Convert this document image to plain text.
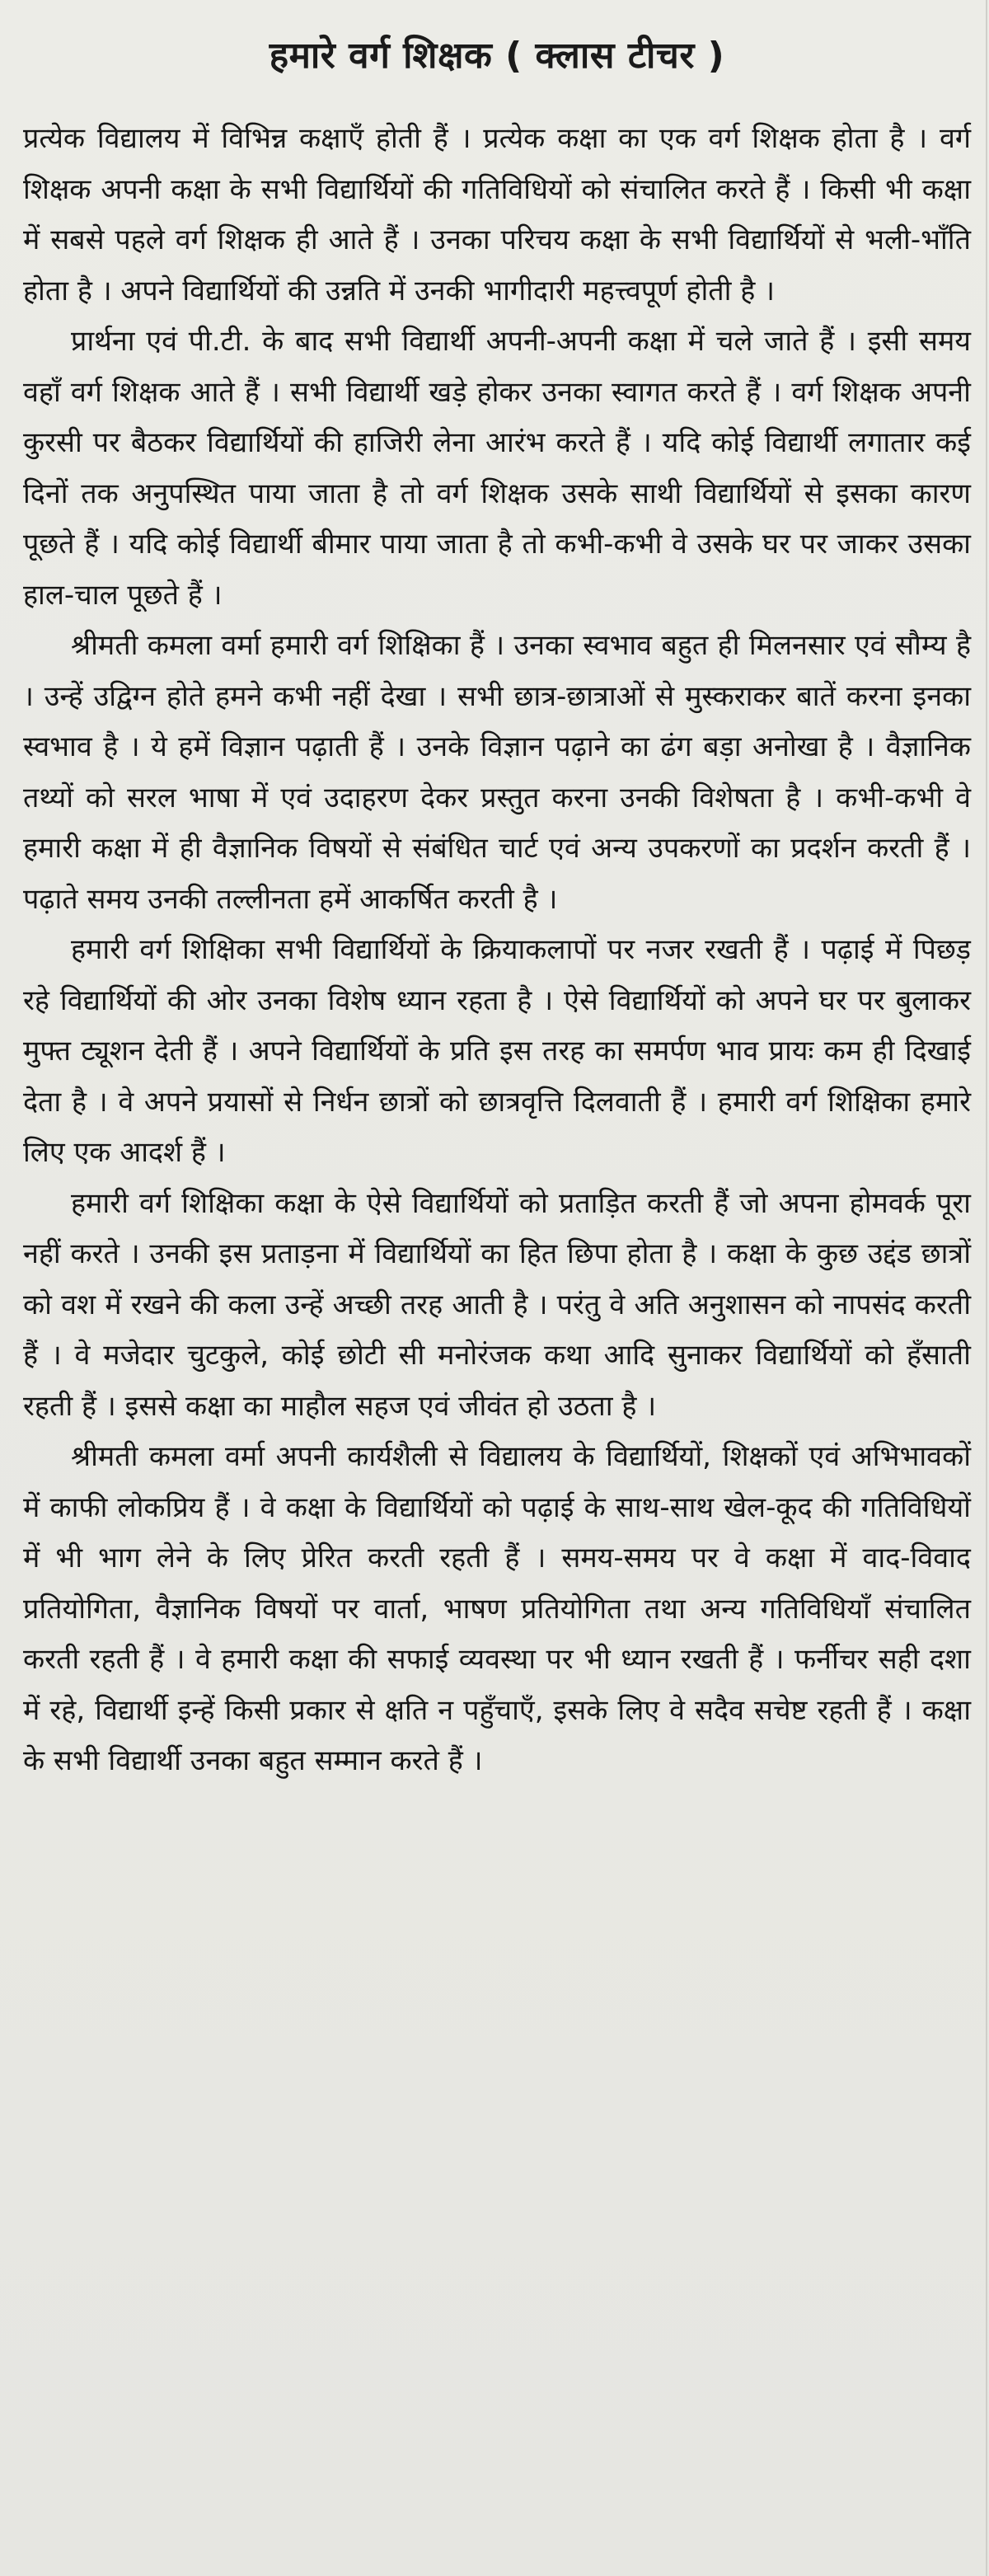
हमारे वर्ग शिक्षक ( क्लास टीचर )

प्रत्येक विद्यालय में विभिन्न कक्षाएँ होती हैं । प्रत्येक कक्षा का एक वर्ग शिक्षक होता है । वर्ग शिक्षक अपनी कक्षा के सभी विद्यार्थियों की गतिविधियों को संचालित करते हैं । किसी भी कक्षा में सबसे पहले वर्ग शिक्षक ही आते हैं । उनका परिचय कक्षा के सभी विद्यार्थियों से भली-भाँति होता है । अपने विद्यार्थियों की उन्नति में उनकी भागीदारी महत्त्वपूर्ण होती है ।

प्रार्थना एवं पी.टी. के बाद सभी विद्यार्थी अपनी-अपनी कक्षा में चले जाते हैं । इसी समय वहाँ वर्ग शिक्षक आते हैं । सभी विद्यार्थी खड़े होकर उनका स्वागत करते हैं । वर्ग शिक्षक अपनी कुरसी पर बैठकर विद्यार्थियों की हाजिरी लेना आरंभ करते हैं । यदि कोई विद्यार्थी लगातार कई दिनों तक अनुपस्थित पाया जाता है तो वर्ग शिक्षक उसके साथी विद्यार्थियों से इसका कारण पूछते हैं । यदि कोई विद्यार्थी बीमार पाया जाता है तो कभी-कभी वे उसके घर पर जाकर उसका हाल-चाल पूछते हैं ।

श्रीमती कमला वर्मा हमारी वर्ग शिक्षिका हैं । उनका स्वभाव बहुत ही मिलनसार एवं सौम्य है । उन्हें उद्विग्न होते हमने कभी नहीं देखा । सभी छात्र-छात्राओं से मुस्कराकर बातें करना इनका स्वभाव है । ये हमें विज्ञान पढ़ाती हैं । उनके विज्ञान पढ़ाने का ढंग बड़ा अनोखा है । वैज्ञानिक तथ्यों को सरल भाषा में एवं उदाहरण देकर प्रस्तुत करना उनकी विशेषता है । कभी-कभी वे हमारी कक्षा में ही वैज्ञानिक विषयों से संबंधित चार्ट एवं अन्य उपकरणों का प्रदर्शन करती हैं । पढ़ाते समय उनकी तल्लीनता हमें आकर्षित करती है ।

हमारी वर्ग शिक्षिका सभी विद्यार्थियों के क्रियाकलापों पर नजर रखती हैं । पढ़ाई में पिछड़ रहे विद्यार्थियों की ओर उनका विशेष ध्यान रहता है । ऐसे विद्यार्थियों को अपने घर पर बुलाकर मुफ्त ट्यूशन देती हैं । अपने विद्यार्थियों के प्रति इस तरह का समर्पण भाव प्रायः कम ही दिखाई देता है । वे अपने प्रयासों से निर्धन छात्रों को छात्रवृत्ति दिलवाती हैं । हमारी वर्ग शिक्षिका हमारे लिए एक आदर्श हैं ।

हमारी वर्ग शिक्षिका कक्षा के ऐसे विद्यार्थियों को प्रताड़ित करती हैं जो अपना होमवर्क पूरा नहीं करते । उनकी इस प्रताड़ना में विद्यार्थियों का हित छिपा होता है । कक्षा के कुछ उद्दंड छात्रों को वश में रखने की कला उन्हें अच्छी तरह आती है । परंतु वे अति अनुशासन को नापसंद करती हैं । वे मजेदार चुटकुले, कोई छोटी सी मनोरंजक कथा आदि सुनाकर विद्यार्थियों को हँसाती रहती हैं । इससे कक्षा का माहौल सहज एवं जीवंत हो उठता है ।

श्रीमती कमला वर्मा अपनी कार्यशैली से विद्यालय के विद्यार्थियों, शिक्षकों एवं अभिभावकों में काफी लोकप्रिय हैं । वे कक्षा के विद्यार्थियों को पढ़ाई के साथ-साथ खेल-कूद की गतिविधियों में भी भाग लेने के लिए प्रेरित करती रहती हैं । समय-समय पर वे कक्षा में वाद-विवाद प्रतियोगिता, वैज्ञानिक विषयों पर वार्ता, भाषण प्रतियोगिता तथा अन्य गतिविधियाँ संचालित करती रहती हैं । वे हमारी कक्षा की सफाई व्यवस्था पर भी ध्यान रखती हैं । फर्नीचर सही दशा में रहे, विद्यार्थी इन्हें किसी प्रकार से क्षति न पहुँचाएँ, इसके लिए वे सदैव सचेष्ट रहती हैं । कक्षा के सभी विद्यार्थी उनका बहुत सम्मान करते हैं ।
